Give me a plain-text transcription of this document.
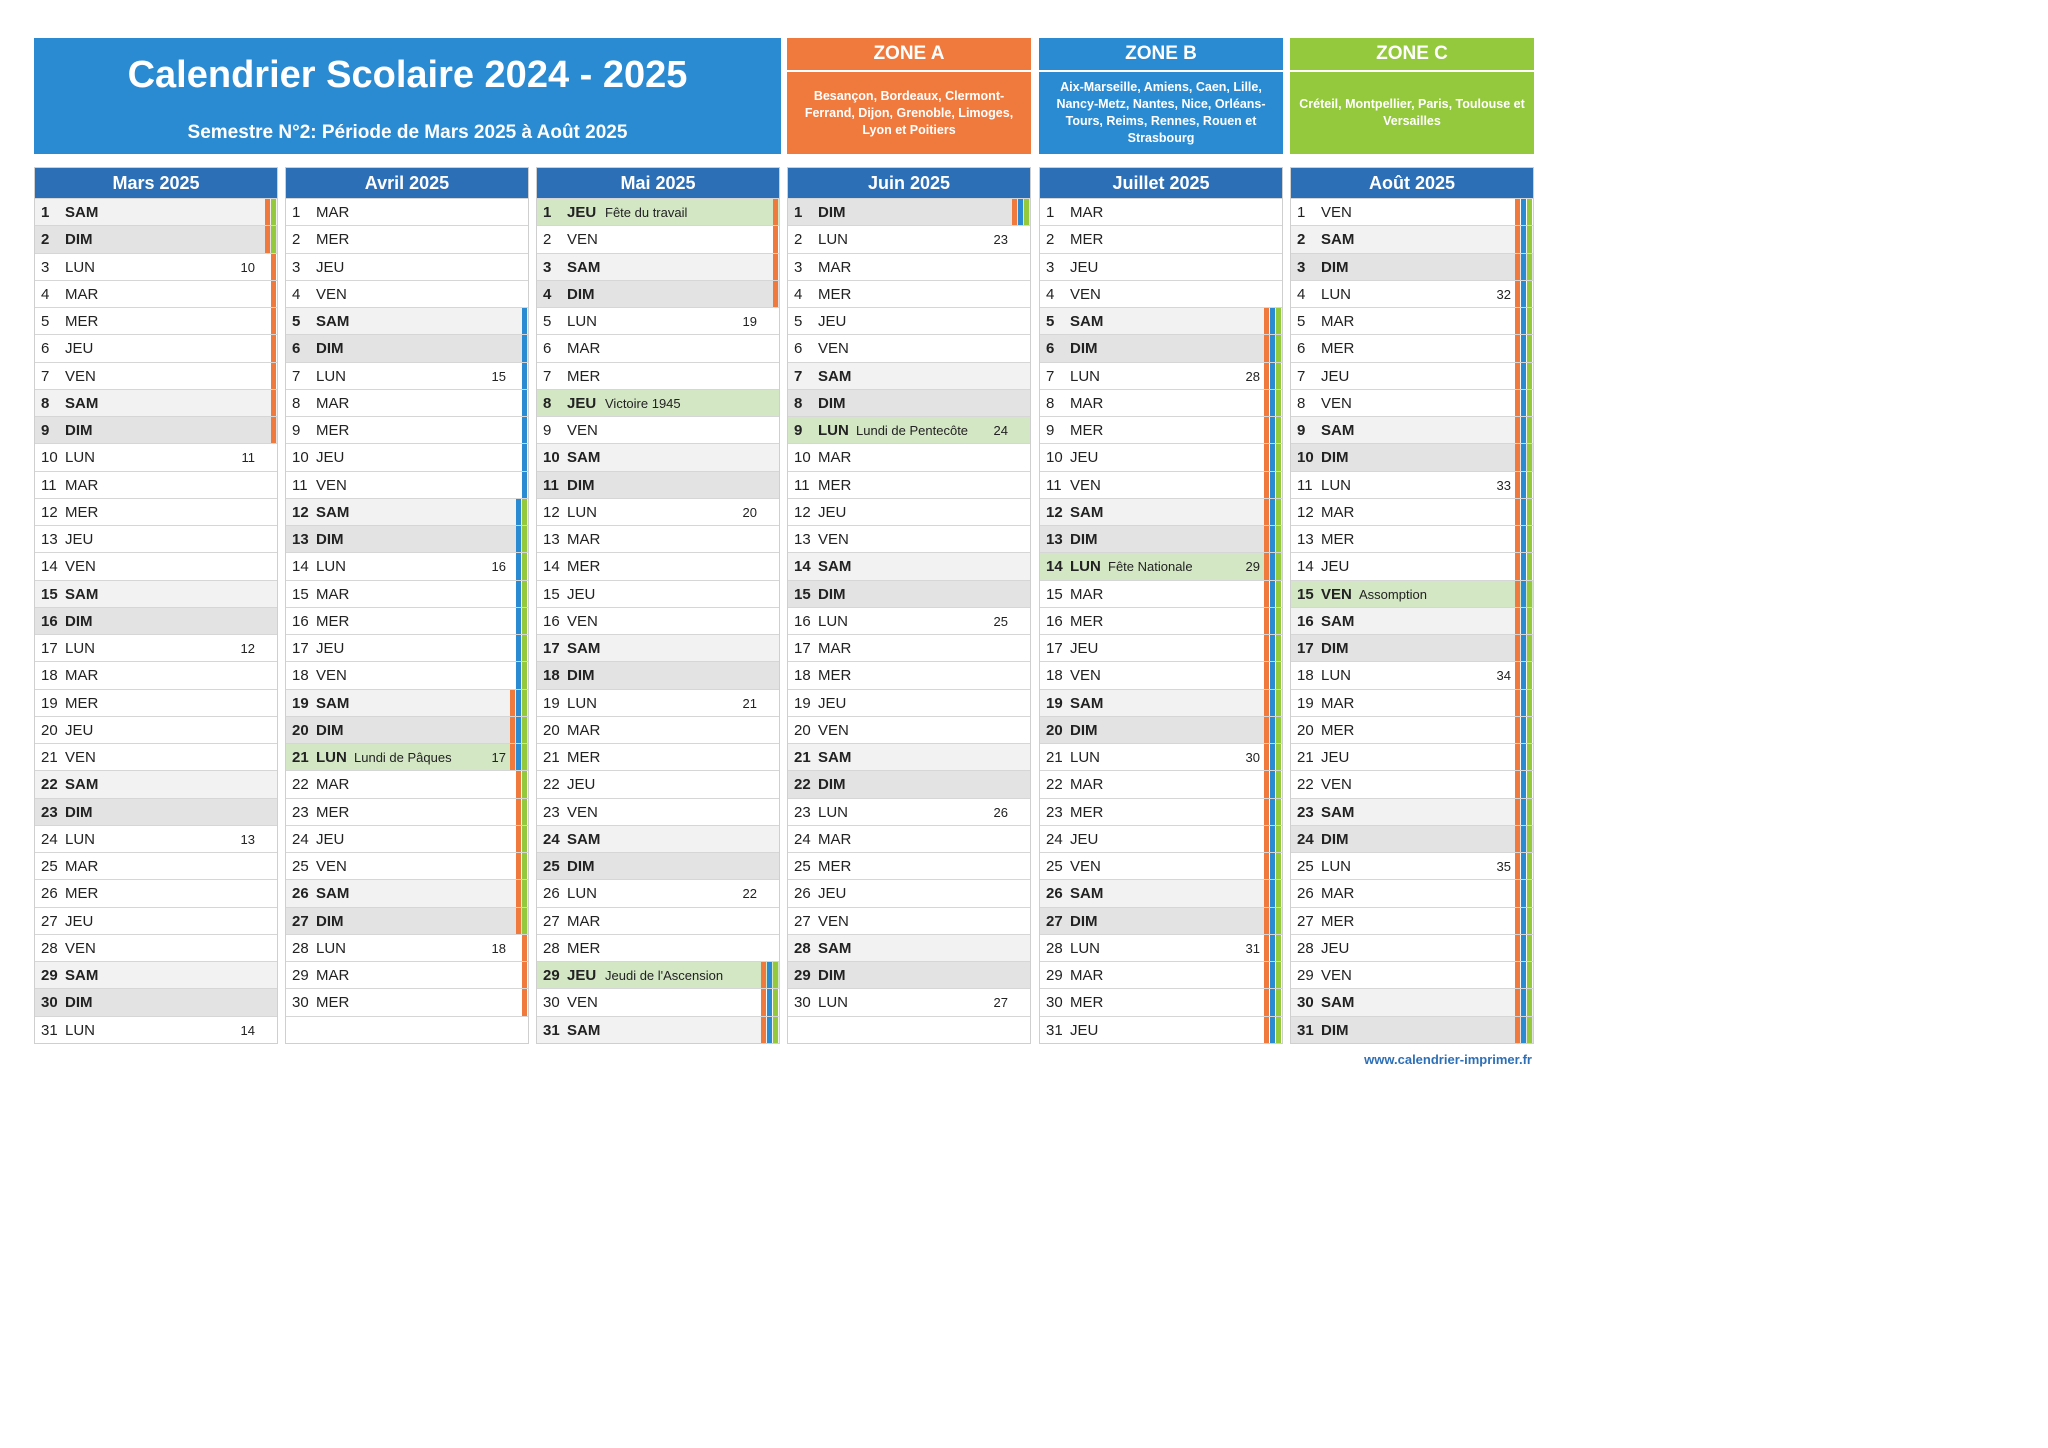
Calendrier Scolaire 2024 - 2025
Semestre N°2: Période de Mars 2025 à Août 2025
ZONE A
Besançon, Bordeaux, Clermont-Ferrand, Dijon, Grenoble, Limoges, Lyon et Poitiers
ZONE B
Aix-Marseille, Amiens, Caen, Lille, Nancy-Metz, Nantes, Nice, Orléans-Tours, Reims, Rennes, Rouen et Strasbourg
ZONE C
Créteil, Montpellier, Paris, Toulouse et Versailles
Mars 2025
1	SAM
2	DIM
3	LUN	10
4	MAR
5	MER
6	JEU
7	VEN
8	SAM
9	DIM
10 LUN	11
11 MAR
12 MER
13 JEU
14 VEN
15 SAM
16 DIM
17 LUN	12
18 MAR
19 MER
20 JEU
21 VEN
22 SAM
23 DIM
24 LUN	13
25 MAR
26 MER
27 JEU
28 VEN
29 SAM
30 DIM
31 LUN	14
Avril 2025
1	MAR
2	MER
3	JEU
4	VEN
5	SAM
6	DIM
7	LUN	15
8	MAR
9	MER
10 JEU
11 VEN
12 SAM
13 DIM
14 LUN	16
15 MAR
16 MER
17 JEU
18 VEN
19 SAM
20 DIM
21 LUN Lundi de Pâques	17
22 MAR
23 MER
24 JEU
25 VEN
26 SAM
27 DIM
28 LUN	18
29 MAR
30 MER
Mai 2025
1	JEU Fête du travail
2	VEN
3	SAM
4	DIM
5	LUN	19
6	MAR
7	MER
8	JEU Victoire 1945
9	VEN
10 SAM
11 DIM
12 LUN	20
13 MAR
14 MER
15 JEU
16 VEN
17 SAM
18 DIM
19 LUN	21
20 MAR
21 MER
22 JEU
23 VEN
24 SAM
25 DIM
26 LUN	22
27 MAR
28 MER
29 JEU Jeudi de l'Ascension
30 VEN
31 SAM
Juin 2025
1	DIM
2	LUN	23
3	MAR
4	MER
5	JEU
6	VEN
7	SAM
8	DIM
9	LUN Lundi de Pentecôte 24
10 MAR
11 MER
12 JEU
13 VEN
14 SAM
15 DIM
16 LUN	25
17 MAR
18 MER
19 JEU
20 VEN
21 SAM
22 DIM
23 LUN	26
24 MAR
25 MER
26 JEU
27 VEN
28 SAM
29 DIM
30 LUN	27
Juillet 2025
1	MAR
2	MER
3	JEU
4	VEN
5	SAM
6	DIM
7	LUN	28
8	MAR
9	MER
10 JEU
11 VEN
12 SAM
13 DIM
14 LUN Fête Nationale	29
15 MAR
16 MER
17 JEU
18 VEN
19 SAM
20 DIM
21 LUN	30
22 MAR
23 MER
24 JEU
25 VEN
26 SAM
27 DIM
28 LUN	31
29 MAR
30 MER
31 JEU
Août 2025
1	VEN
2	SAM
3	DIM
4	LUN	32
5	MAR
6	MER
7	JEU
8	VEN
9	SAM
10 DIM
11 LUN	33
12 MAR
13 MER
14 JEU
15 VEN Assomption
16 SAM
17 DIM
18 LUN	34
19 MAR
20 MER
21 JEU
22 VEN
23 SAM
24 DIM
25 LUN	35
26 MAR
27 MER
28 JEU
29 VEN
30 SAM
31 DIM
www.calendrier-imprimer.fr
